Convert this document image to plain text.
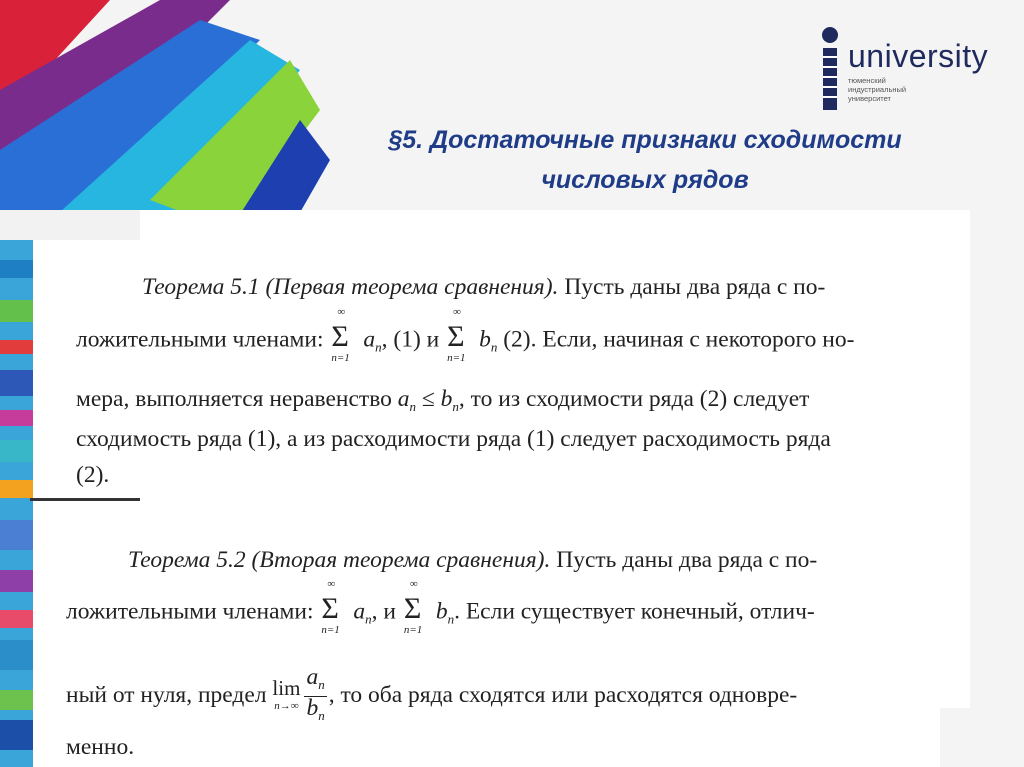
university
тюменский
индустриальный
университет
§5. Достаточные признаки сходимости
числовых рядов
Теорема 5.1 (Первая теорема сравнения). Пусть даны два ряда с по-
ложительными членами:
∞
Σ
n=1
$a_n$, (1) и
∞
Σ
n=1
$b_n$ (2). Если, начиная с некоторого но-
мера, выполняется неравенство $a_n \le b_n$, то из сходимости ряда (2) следует
сходимость ряда (1), а из расходимости ряда (1) следует расходимость ряда
(2).
Теорема 5.2 (Вторая теорема сравнения). Пусть даны два ряда с по-
ложительными членами:
∞
Σ
n=1
$a_n$, и
∞
Σ
n=1
$b_n$. Если существует конечный, отлич-
ный от нуля, предел lim
$n\to\infty \frac{a_n}{b_n}$ , то оба ряда сходятся или расходятся одновре-
менно.
